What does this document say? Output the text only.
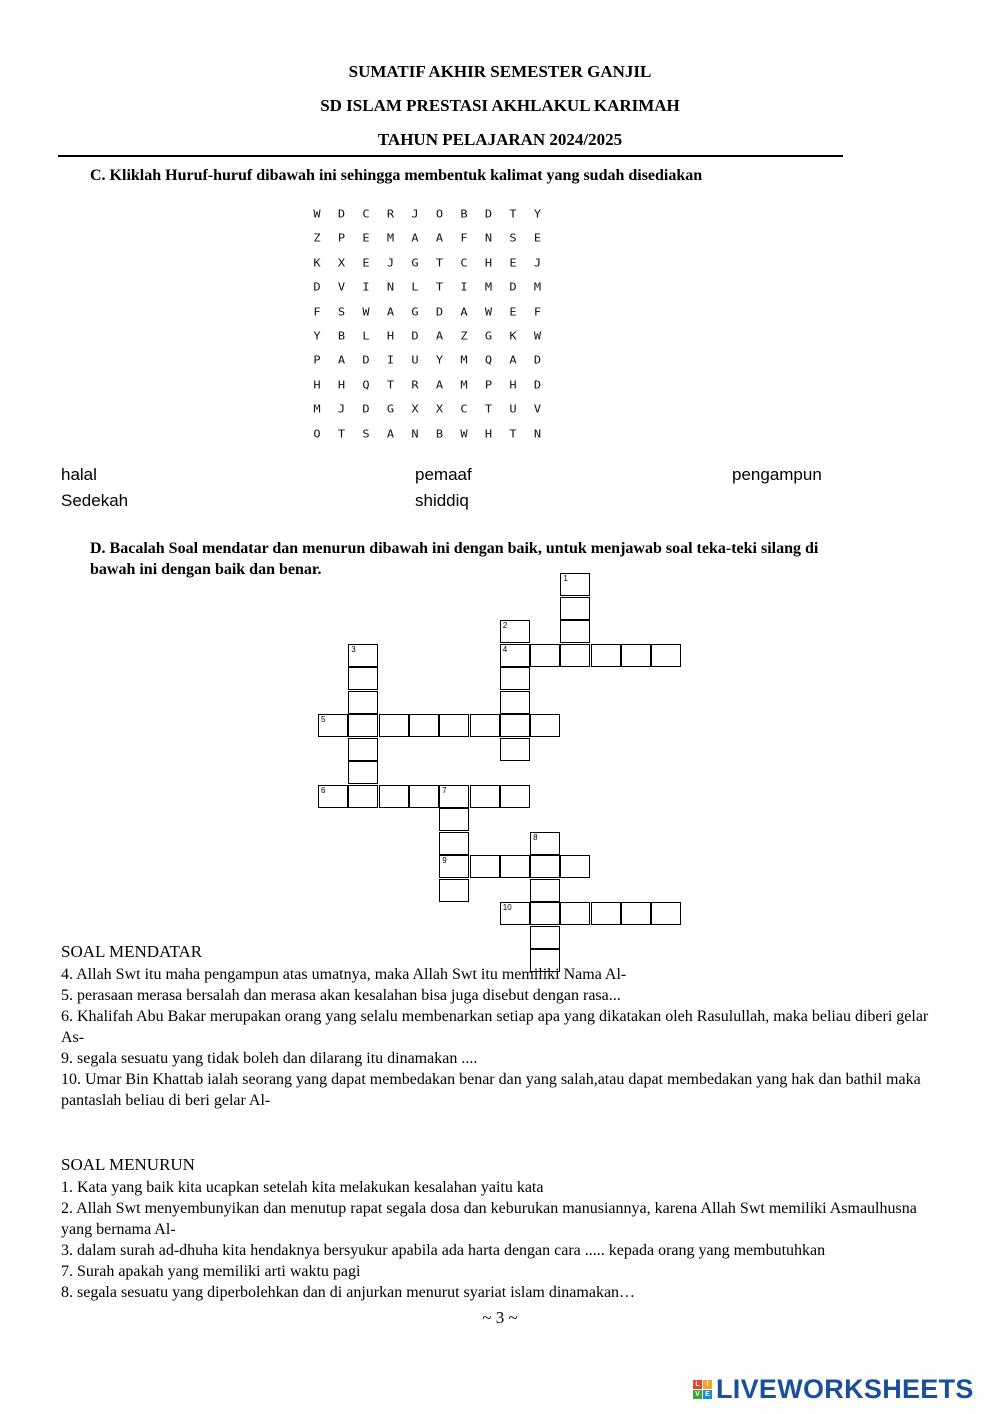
SUMATIF AKHIR SEMESTER GANJIL
SD ISLAM PRESTASI AKHLAKUL KARIMAH
TAHUN PELAJARAN 2024/2025
C. Kliklah Huruf-huruf dibawah ini sehingga membentuk kalimat yang sudah disediakan
W	D	C	R	J	O	B	D	T	Y
Z	P	E	M	A	A	F	N	S	E
K	X	E	J	G	T	C	H	E	J
D	V	I	N	L	T	I	M	D	M
F	S	W	A	G	D	A	W	E	F
Y	B	L	H	D	A	Z	G	K	W
P	A	D	I	U	Y	M	Q	A	D
H	H	Q	T	R	A	M	P	H	D
M	J	D	G	X	X	C	T	U	V
O	T	S	A	N	B	W	H	T	N
halal	pemaaf	pengampun
Sedekah	shiddiq
D. Bacalah Soal mendatar dan menurun dibawah ini dengan baik, untuk menjawab soal teka-teki silang di
bawah ini dengan baik dan benar.
1
2
4
3
5
6	7
9
8
10
SOAL MENDATAR
4. Allah Swt itu maha pengampun atas umatnya, maka Allah Swt itu memiliki Nama Al-
5. perasaan merasa bersalah dan merasa akan kesalahan bisa juga disebut dengan rasa...
6. Khalifah Abu Bakar merupakan orang yang selalu membenarkan setiap apa yang dikatakan oleh Rasulullah, maka beliau diberi gelar As-
9. segala sesuatu yang tidak boleh dan dilarang itu dinamakan ....
10. Umar Bin Khattab ialah seorang yang dapat membedakan benar dan yang salah,atau dapat membedakan yang hak dan bathil maka pantaslah beliau di beri gelar Al-
SOAL MENURUN
1. Kata yang baik kita ucapkan setelah kita melakukan kesalahan yaitu kata
2. Allah Swt menyembunyikan dan menutup rapat segala dosa dan keburukan manusiannya, karena Allah Swt memiliki Asmaulhusna yang bernama Al-
3. dalam surah ad-dhuha kita hendaknya bersyukur apabila ada harta dengan cara ..... kepada orang yang membutuhkan
7. Surah apakah yang memiliki arti waktu pagi
8. segala sesuatu yang diperbolehkan dan di anjurkan menurut syariat islam dinamakan…
~ 3 ~
L I
V E LIVEWORKSHEETS
